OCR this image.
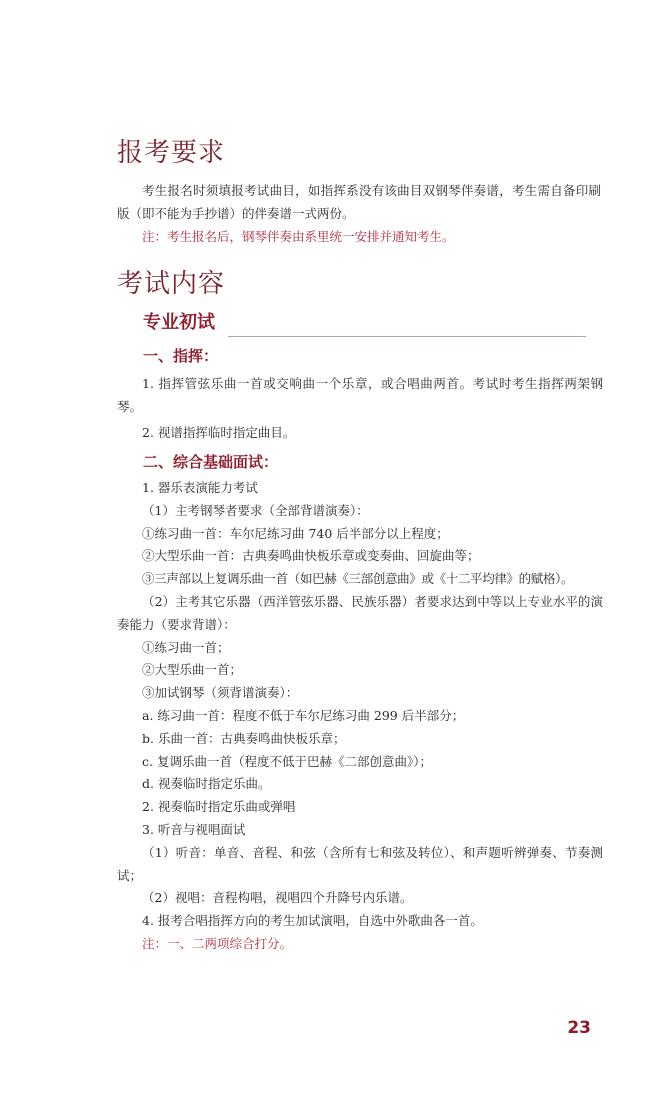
报考要求

考生报名时须填报考试曲目，如指挥系没有该曲目双钢琴伴奏谱，考生需自备印刷版（即不能为手抄谱）的伴奏谱一式两份。

注：考生报名后，钢琴伴奏由系里统一安排并通知考生。

考试内容
专业初试
一、指挥：

1. 指挥管弦乐曲一首或交响曲一个乐章，或合唱曲两首。考试时考生指挥两架钢琴。

2. 视谱指挥临时指定曲目。

二、综合基础面试：

1. 器乐表演能力考试

（1）主考钢琴者要求（全部背谱演奏）：

①练习曲一首：车尔尼练习曲 740 后半部分以上程度；

②大型乐曲一首：古典奏鸣曲快板乐章或变奏曲、回旋曲等；

③三声部以上复调乐曲一首（如巴赫《三部创意曲》或《十二平均律》的赋格）。

（2）主考其它乐器（西洋管弦乐器、民族乐器）者要求达到中等以上专业水平的演奏能力（要求背谱）：

①练习曲一首；

②大型乐曲一首；

③加试钢琴（须背谱演奏）：

a. 练习曲一首：程度不低于车尔尼练习曲 299 后半部分；

b. 乐曲一首：古典奏鸣曲快板乐章；

c. 复调乐曲一首（程度不低于巴赫《二部创意曲》）；

d. 视奏临时指定乐曲。

2. 视奏临时指定乐曲或弹唱

3. 听音与视唱面试

（1）听音：单音、音程、和弦（含所有七和弦及转位）、和声题听辨弹奏、节奏测试；

（2）视唱：音程构唱，视唱四个升降号内乐谱。

4. 报考合唱指挥方向的考生加试演唱，自选中外歌曲各一首。

注：一、二两项综合打分。

23
